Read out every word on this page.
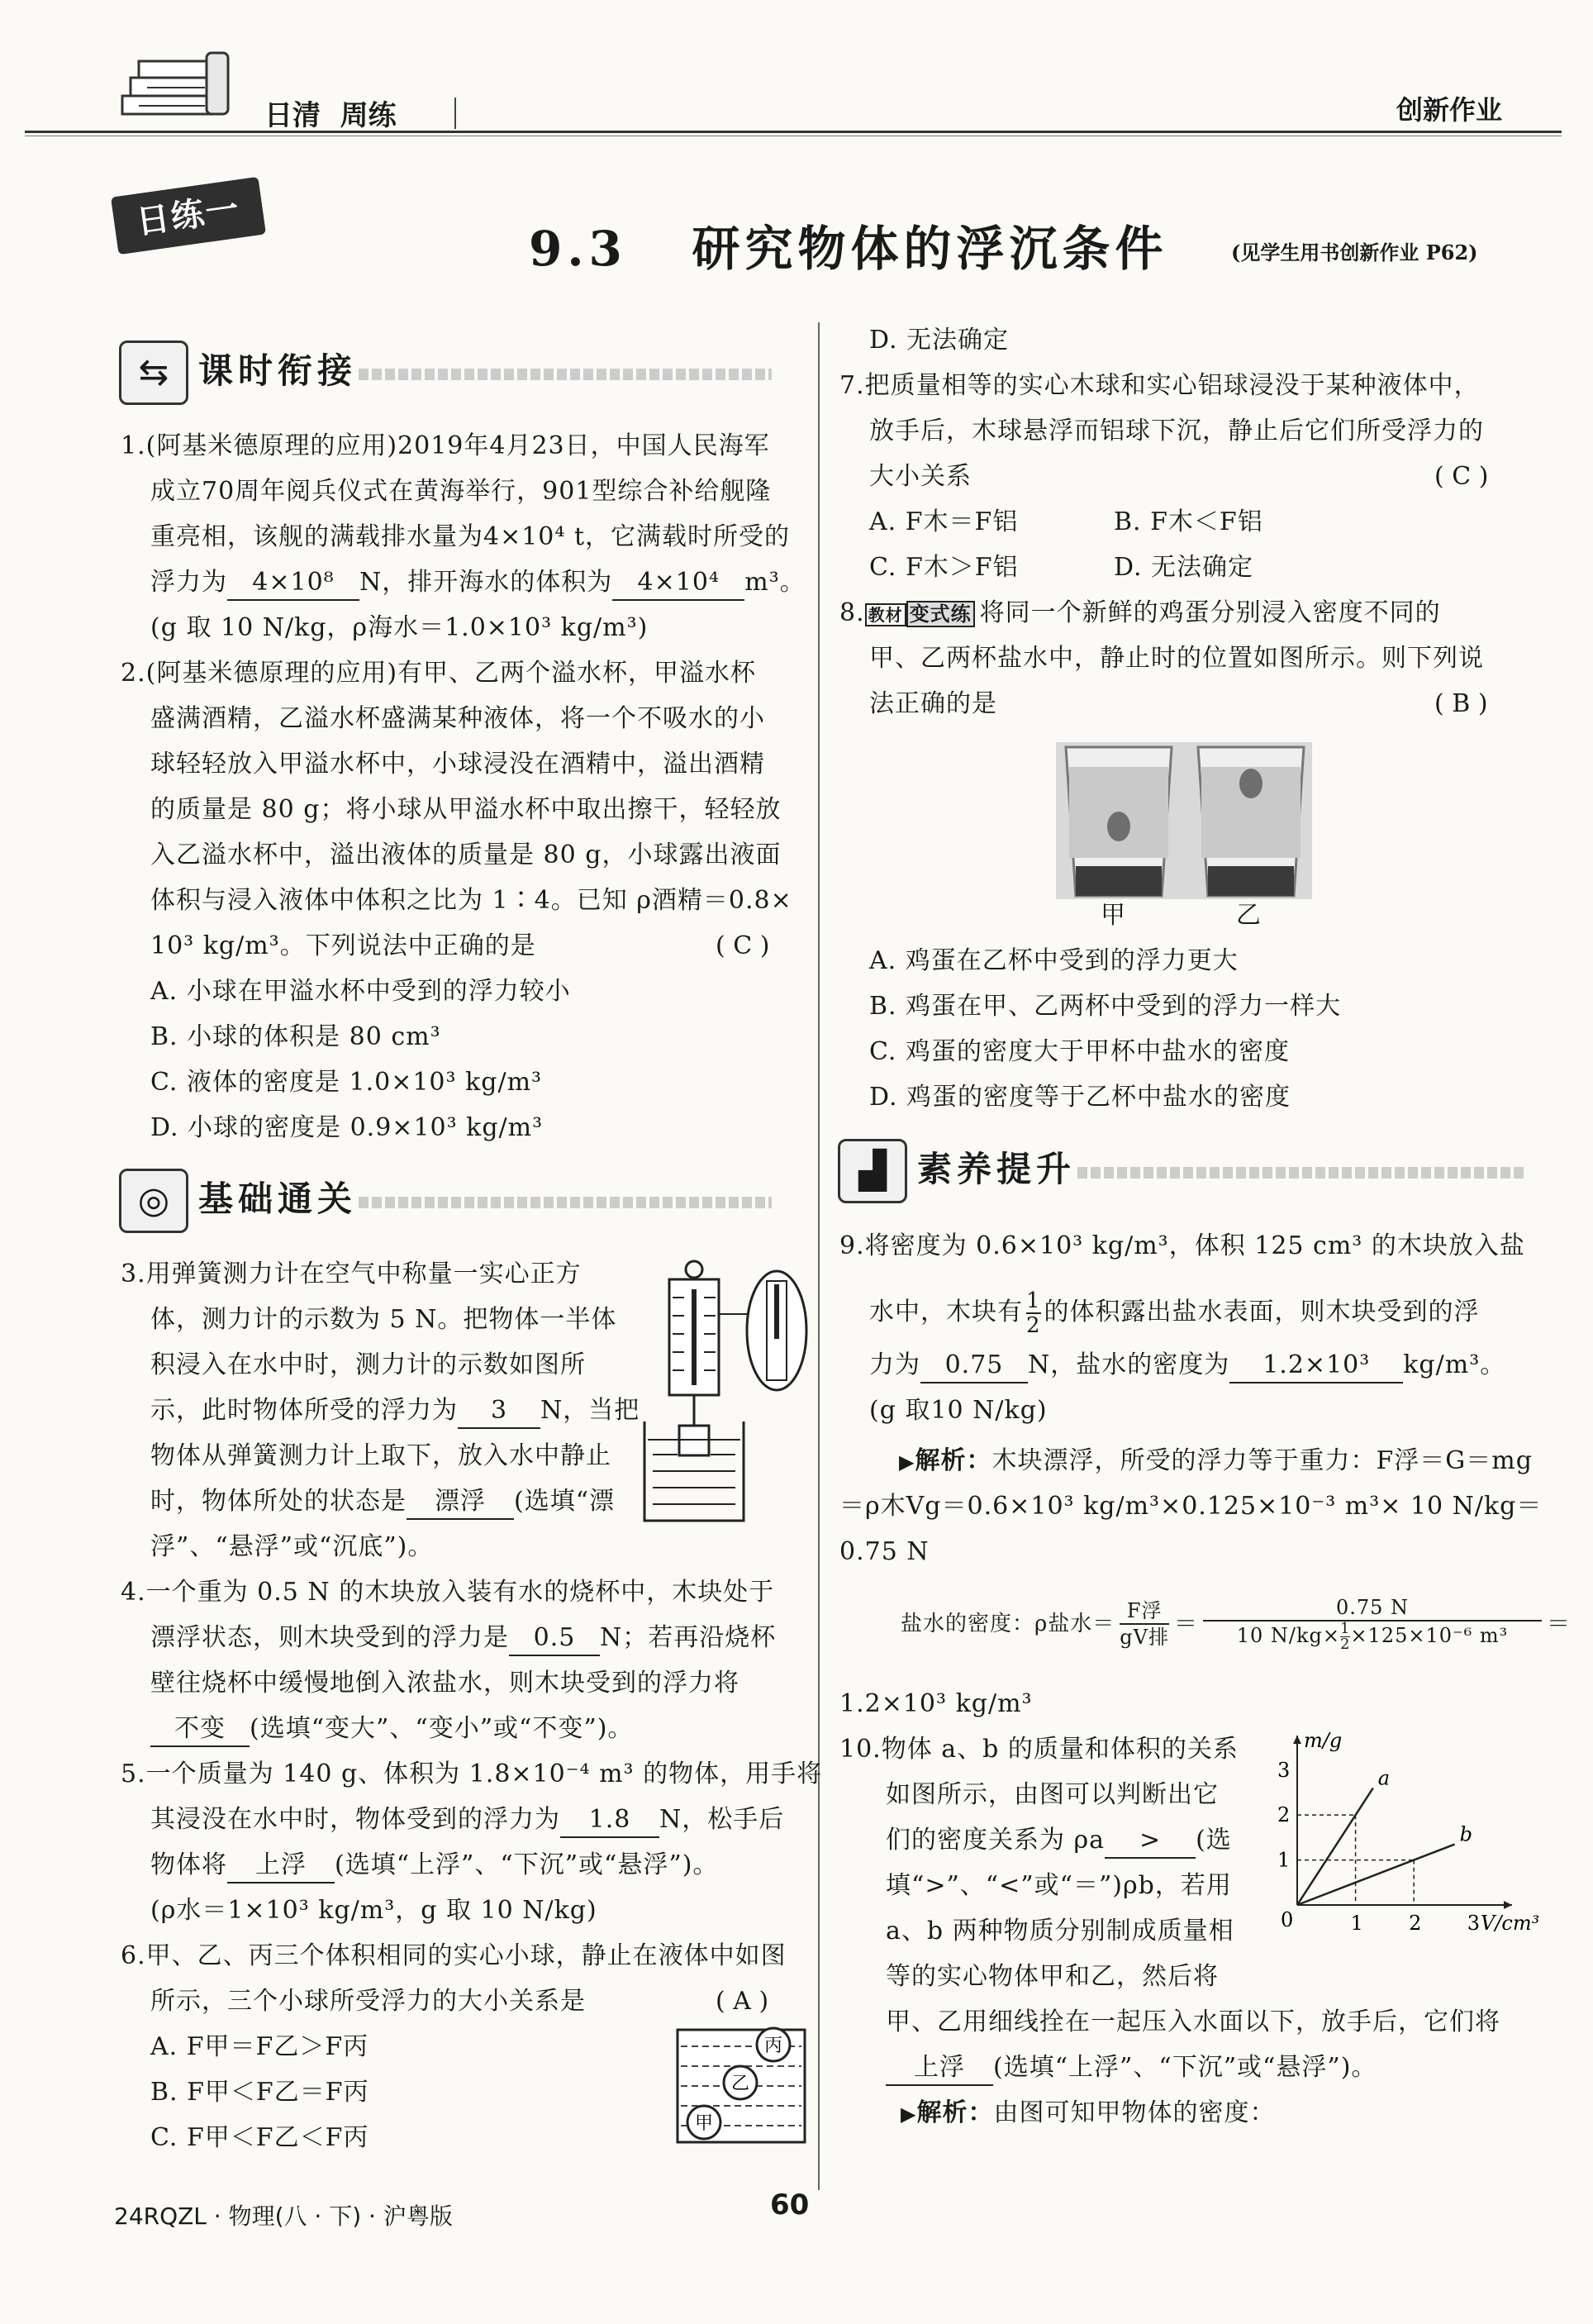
日清  周练	创新作业
日练一
9.3   研究物体的浮沉条件	(见学生用书创新作业 P62)
⇆ 课时衔接
1.(阿基米德原理的应用)2019年4月23日，中国人民海军
成立70周年阅兵仪式在黄海举行，901型综合补给舰隆
重亮相，该舰的满载排水量为4×10⁴ t，它满载时所受的
浮力为 4×10⁸ N，排开海水的体积为 4×10⁴ m³。
(g 取 10 N/kg，ρ海水＝1.0×10³ kg/m³)
2.(阿基米德原理的应用)有甲、乙两个溢水杯，甲溢水杯
盛满酒精，乙溢水杯盛满某种液体，将一个不吸水的小
球轻轻放入甲溢水杯中，小球浸没在酒精中，溢出酒精
的质量是 80 g；将小球从甲溢水杯中取出擦干，轻轻放
入乙溢水杯中，溢出液体的质量是 80 g，小球露出液面
体积与浸入液体中体积之比为 1∶4。已知 ρ酒精＝0.8×
10³ kg/m³。下列说法中正确的是	( C )
A. 小球在甲溢水杯中受到的浮力较小
B. 小球的体积是 80 cm³
C. 液体的密度是 1.0×10³ kg/m³
D. 小球的密度是 0.9×10³ kg/m³
◎ 基础通关
3.用弹簧测力计在空气中称量一实心正方
体，测力计的示数为 5 N。把物体一半体
积浸入在水中时，测力计的示数如图所
示，此时物体所受的浮力为 3 N，当把
物体从弹簧测力计上取下，放入水中静止
时，物体所处的状态是 漂浮 (选填“漂
浮”、“悬浮”或“沉底”)。
4.一个重为 0.5 N 的木块放入装有水的烧杯中，木块处于
漂浮状态，则木块受到的浮力是 0.5 N；若再沿烧杯
壁往烧杯中缓慢地倒入浓盐水，则木块受到的浮力将
不变 (选填“变大”、“变小”或“不变”)。
5.一个质量为 140 g、体积为 1.8×10⁻⁴ m³ 的物体，用手将
其浸没在水中时，物体受到的浮力为 1.8 N，松手后
物体将 上浮 (选填“上浮”、“下沉”或“悬浮”)。
(ρ水＝1×10³ kg/m³，g 取 10 N/kg)
6.甲、乙、丙三个体积相同的实心小球，静止在液体中如图
所示，三个小球所受浮力的大小关系是	( A )
A. F甲＝F乙＞F丙
B. F甲＜F乙＝F丙
C. F甲＜F乙＜F丙
丙
乙
甲
D. 无法确定
7.把质量相等的实心木球和实心铝球浸没于某种液体中，
放手后，木球悬浮而铝球下沉，静止后它们所受浮力的
大小关系	( C )
A. F木＝F铝	B. F木＜F铝
C. F木＞F铝	D. 无法确定
8. 教材 变式练 将同一个新鲜的鸡蛋分别浸入密度不同的
甲、乙两杯盐水中，静止时的位置如图所示。则下列说
法正确的是	( B )
甲	乙
A. 鸡蛋在乙杯中受到的浮力更大
B. 鸡蛋在甲、乙两杯中受到的浮力一样大
C. 鸡蛋的密度大于甲杯中盐水的密度
D. 鸡蛋的密度等于乙杯中盐水的密度
▟ 素养提升
9.将密度为 0.6×10³ kg/m³，体积 125 cm³ 的木块放入盐
水中，木块有 $\frac{1}{2}$ 的体积露出盐水表面，则木块受到的浮
力为 0.75 N，盐水的密度为 1.2×10³ kg/m³。
(g 取10 N/kg)
▶解析：木块漂浮，所受的浮力等于重力：F浮＝G＝mg
＝ρ木Vg＝0.6×10³ kg/m³×0.125×10⁻³ m³× 10 N/kg＝
0.75 N
盐水的密度：ρ盐水＝
F浮
gV排 ＝
0.75 N
10 $N/kg\times \frac{1}{2} \times 125\times 10^{-6}$ m³	＝
1.2×10³ kg/m³
10.物体 a、b 的质量和体积的关系
如图所示，由图可以判断出它
们的密度关系为 ρa > (选
填“>”、“<”或“＝”)ρb，若用
a、b 两种物质分别制成质量相
等的实心物体甲和乙，然后将
甲、乙用细线拴在一起压入水面以下，放手后，它们将
上浮 (选填“上浮”、“下沉”或“悬浮”)。
▶解析：由图可知甲物体的密度：
m/g
V/cm³
0	1 2 3
1
2
3	a
b
24RQZL · 物理(八 · 下) · 沪粤版	60
